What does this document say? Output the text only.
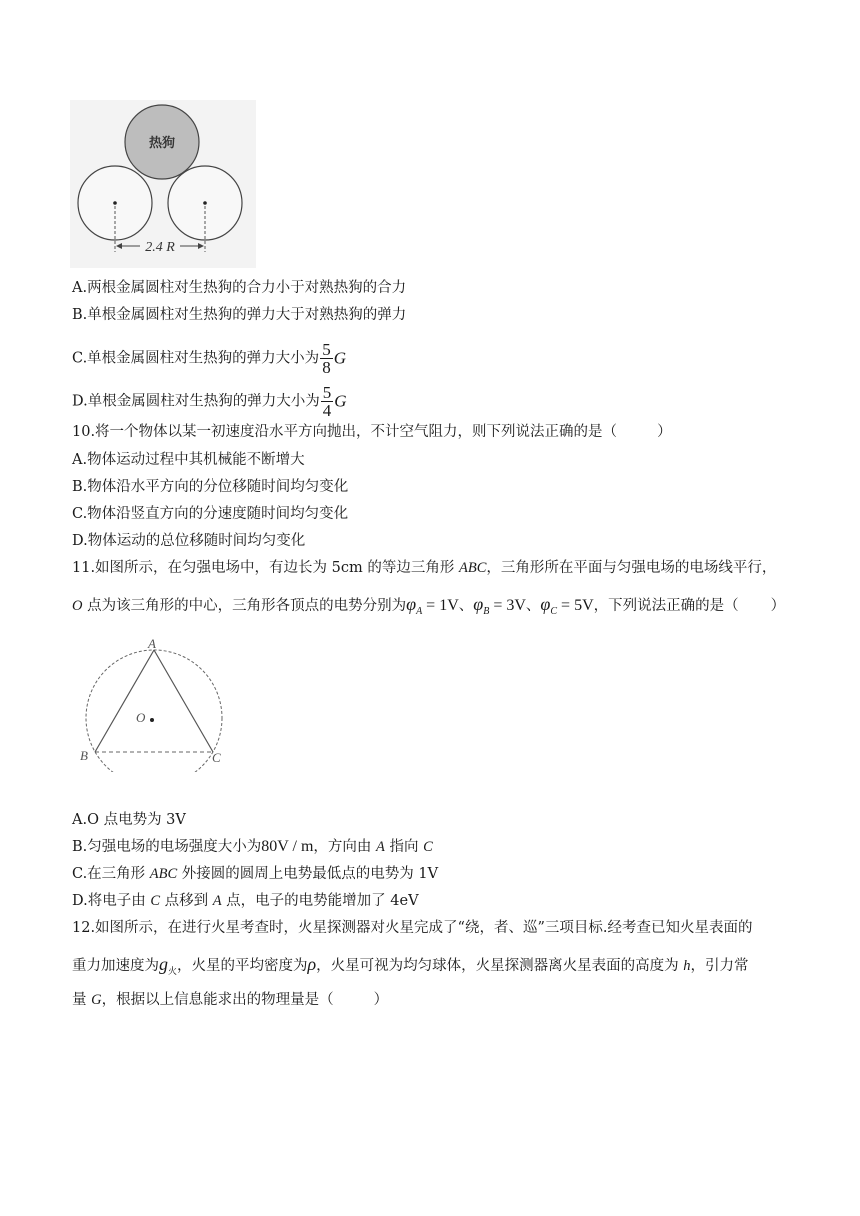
热狗
2.4 R
A.两根金属圆柱对生热狗的合力小于对熟热狗的合力
B.单根金属圆柱对生热狗的弹力大于对熟热狗的弹力
C.单根金属圆柱对生热狗的弹力大小为 $\frac{5}{8}$ G
D.单根金属圆柱对生热狗的弹力大小为 $\frac{5}{4}$ G
10.将一个物体以某一初速度沿水平方向抛出，不计空气阻力，则下列说法正确的是（	）
A.物体运动过程中其机械能不断增大
B.物体沿水平方向的分位移随时间均匀变化
C.物体沿竖直方向的分速度随时间均匀变化
D.物体运动的总位移随时间均匀变化
11.如图所示，在匀强电场中，有边长为 5cm 的等边三角形 ABC，三角形所在平面与匀强电场的电场线平行，
O 点为该三角形的中心，三角形各顶点的电势分别为$\varphi_A = 1V$、$\varphi_B = 3V$、$\varphi_C = 5V$，下列说法正确的是（ ）
A
B	C
O
A.O 点电势为 3V
B.匀强电场的电场强度大小为80V / m，方向由 A 指向 C
C.在三角形 ABC 外接圆的圆周上电势最低点的电势为 1V
D.将电子由 C 点移到 A 点，电子的电势能增加了 4eV
12.如图所示，在进行火星考查时，火星探测器对火星完成了“绕，者、巡”三项目标.经考查已知火星表面的
重力加速度为$g_火$，火星的平均密度为ρ，火星可视为均匀球体，火星探测器离火星表面的高度为 h，引力常
量 G，根据以上信息能求出的物理量是（	）
